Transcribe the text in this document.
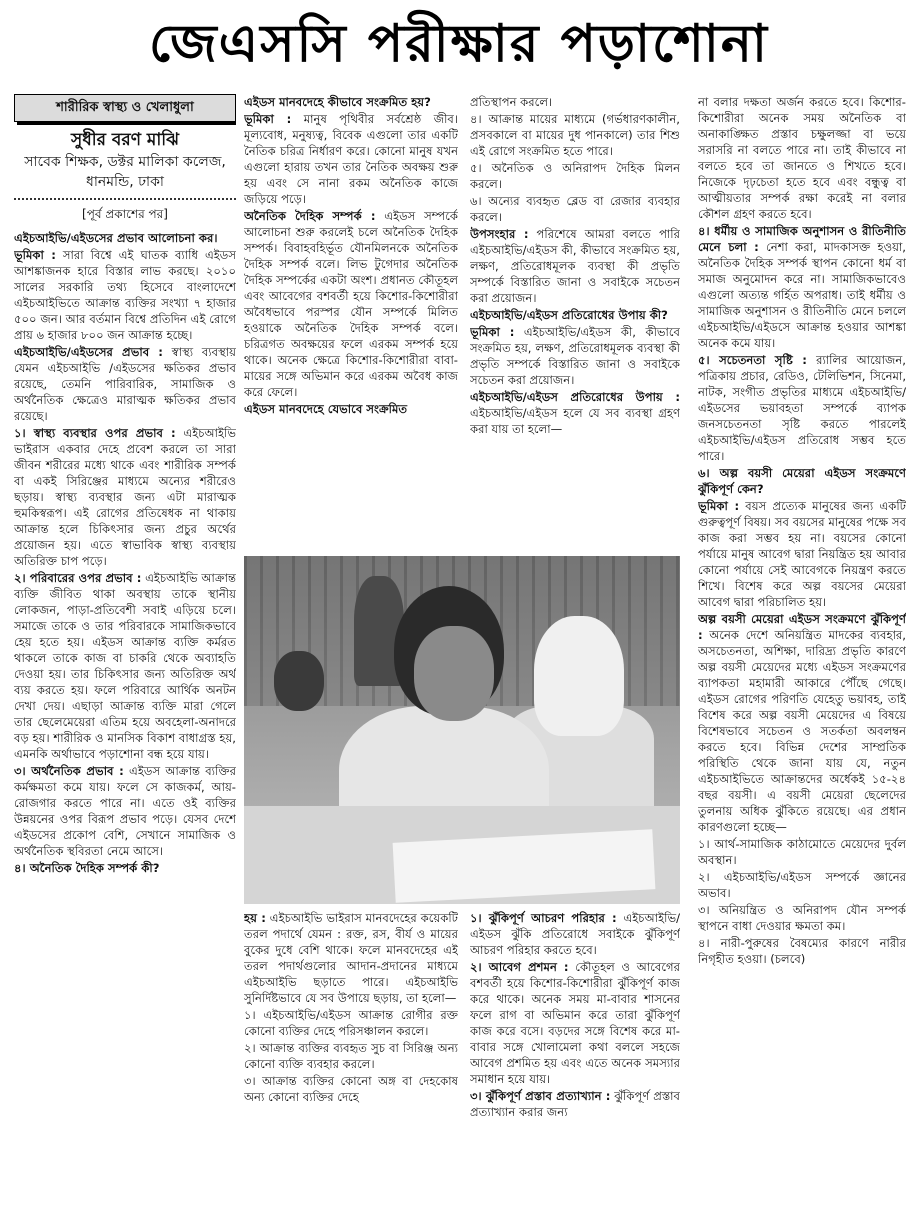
জেএসসি পরীক্ষার পড়াশোনা
শারীরিক স্বাস্থ্য ও খেলাধুলা
সুধীর বরণ মাঝি
সাবেক শিক্ষক, ডক্টর মালিকা কলেজ, ধানমন্ডি, ঢাকা
[পূর্ব প্রকাশের পর]

এইচআইভি/এইডসের প্রভাব আলোচনা কর।

ভূমিকা : সারা বিশ্বে এই ঘাতক ব্যাধি এইডস আশঙ্কাজনক হারে বিস্তার লাভ করছে। ২০১০ সালের সরকারি তথ্য হিসেবে বাংলাদেশে এইচআইভিতে আক্রান্ত ব্যক্তির সংখ্যা ৭ হাজার ৫০০ জন। আর বর্তমান বিশ্বে প্রতিদিন এই রোগে প্রায় ৬ হাজার ৮০০ জন আক্রান্ত হচ্ছে।

এইচআইভি/এইডসের প্রভাব : স্বাস্থ্য ব্যবস্থায় যেমন এইচআইভি /এইডসের ক্ষতিকর প্রভাব রয়েছে, তেমনি পারিবারিক, সামাজিক ও অর্থনৈতিক ক্ষেত্রেও মারাত্মক ক্ষতিকর প্রভাব রয়েছে।

১। স্বাস্থ্য ব্যবস্থার ওপর প্রভাব : এইচআইভি ভাইরাস একবার দেহে প্রবেশ করলে তা সারা জীবন শরীরের মধ্যে থাকে এবং শারীরিক সম্পর্ক বা একই সিরিঞ্জের মাধ্যমে অন্যের শরীরেও ছড়ায়। স্বাস্থ্য ব্যবস্থার জন্য এটা মারাত্মক হুমকিস্বরূপ। এই রোগের প্রতিষেধক না থাকায় আক্রান্ত হলে চিকিৎসার জন্য প্রচুর অর্থের প্রয়োজন হয়। এতে স্বাভাবিক স্বাস্থ্য ব্যবস্থায় অতিরিক্ত চাপ পড়ে।

২। পরিবারের ওপর প্রভাব : এইচআইভি আক্রান্ত ব্যক্তি জীবিত থাকা অবস্থায় তাকে স্থানীয় লোকজন, পাড়া-প্রতিবেশী সবাই এড়িয়ে চলে। সমাজে তাকে ও তার পরিবারকে সামাজিকভাবে হেয় হতে হয়। এইডস আক্রান্ত ব্যক্তি কর্মরত থাকলে তাকে কাজ বা চাকরি থেকে অব্যাহতি দেওয়া হয়। তার চিকিৎসার জন্য অতিরিক্ত অর্থ ব্যয় করতে হয়। ফলে পরিবারে আর্থিক অনটন দেখা দেয়। এছাড়া আক্রান্ত ব্যক্তি মারা গেলে তার ছেলেমেয়েরা এতিম হয়ে অবহেলা-অনাদরে বড় হয়। শারীরিক ও মানসিক বিকাশ বাধাগ্রস্ত হয়, এমনকি অর্থাভাবে পড়াশোনা বন্ধ হয়ে যায়।

৩। অর্থনৈতিক প্রভাব : এইডস আক্রান্ত ব্যক্তির কর্মক্ষমতা কমে যায়। ফলে সে কাজকর্ম, আয়-রোজগার করতে পারে না। এতে ওই ব্যক্তির উন্নয়নের ওপর বিরূপ প্রভাব পড়ে। যেসব দেশে এইডসের প্রকোপ বেশি, সেখানে সামাজিক ও অর্থনৈতিক স্থবিরতা নেমে আসে।

৪। অনৈতিক দৈহিক সম্পর্ক কী?

এইডস মানবদেহে কীভাবে সংক্রমিত হয়?

ভূমিকা : মানুষ পৃথিবীর সর্বশ্রেষ্ঠ জীব। মূল্যবোধ, মনুষ্যত্ব, বিবেক এগুলো তার একটি নৈতিক চরিত্র নির্ধারণ করে। কোনো মানুষ যখন এগুলো হারায় তখন তার নৈতিক অবক্ষয় শুরু হয় এবং সে নানা রকম অনৈতিক কাজে জড়িয়ে পড়ে।

অনৈতিক দৈহিক সম্পর্ক : এইডস সম্পর্কে আলোচনা শুরু করলেই চলে অনৈতিক দৈহিক সম্পর্ক। বিবাহবহির্ভূত যৌনমিলনকে অনৈতিক দৈহিক সম্পর্ক বলে। লিভ টুগেদার অনৈতিক দৈহিক সম্পর্কের একটা অংশ। প্রধানত কৌতূহল এবং আবেগের বশবর্তী হয়ে কিশোর-কিশোরীরা অবৈধভাবে পরস্পর যৌন সম্পর্কে মিলিত হওয়াকে অনৈতিক দৈহিক সম্পর্ক বলে। চরিত্রগত অবক্ষয়ের ফলে এরকম সম্পর্ক হয়ে থাকে। অনেক ক্ষেত্রে কিশোর-কিশোরীরা বাবা-মায়ের সঙ্গে অভিমান করে এরকম অবৈধ কাজ করে ফেলে।

এইডস মানবদেহে যেভাবে সংক্রমিত

প্রতিস্থাপন করলে।

৪। আক্রান্ত মায়ের মাধ্যমে (গর্ভধারণকালীন, প্রসবকালে বা মায়ের দুধ পানকালে) তার শিশু এই রোগে সংক্রমিত হতে পারে।

৫। অনৈতিক ও অনিরাপদ দৈহিক মিলন করলে।

৬। অন্যের ব্যবহৃত ব্লেড বা রেজার ব্যবহার করলে।

উপসংহার : পরিশেষে আমরা বলতে পারি এইচআইভি/এইডস কী, কীভাবে সংক্রমিত হয়, লক্ষণ, প্রতিরোধমূলক ব্যবস্থা কী প্রভৃতি সম্পর্কে বিস্তারিত জানা ও সবাইকে সচেতন করা প্রয়োজন।

এইচআইভি/এইডস প্রতিরোধের উপায় কী?

ভূমিকা : এইচআইভি/এইডস কী, কীভাবে সংক্রমিত হয়, লক্ষণ, প্রতিরোধমূলক ব্যবস্থা কী প্রভৃতি সম্পর্কে বিস্তারিত জানা ও সবাইকে সচেতন করা প্রয়োজন।

এইচআইভি/এইডস প্রতিরোধের উপায় : এইচআইভি/এইডস হলে যে সব ব্যবস্থা গ্রহণ করা যায় তা হলো—

হয় : এইচআইভি ভাইরাস মানবদেহের কয়েকটি তরল পদার্থে যেমন : রক্ত, রস, বীর্য ও মায়ের বুকের দুধে বেশি থাকে। ফলে মানবদেহের এই তরল পদার্থগুলোর আদান-প্রদানের মাধ্যমে এইচআইভি ছড়াতে পারে। এইচআইভি সুনির্দিষ্টভাবে যে সব উপায়ে ছড়ায়, তা হলো—

১। এইচআইভি/এইডস আক্রান্ত রোগীর রক্ত কোনো ব্যক্তির দেহে পরিসঞ্চালন করলে।

২। আক্রান্ত ব্যক্তির ব্যবহৃত সুচ বা সিরিঞ্জ অন্য কোনো ব্যক্তি ব্যবহার করলে।

৩। আক্রান্ত ব্যক্তির কোনো অঙ্গ বা দেহকোষ অন্য কোনো ব্যক্তির দেহে

১। ঝুঁকিপূর্ণ আচরণ পরিহার : এইচআইভি/এইডস ঝুঁকি প্রতিরোধে সবাইকে ঝুঁকিপূর্ণ আচরণ পরিহার করতে হবে।

২। আবেগ প্রশমন : কৌতূহল ও আবেগের বশবর্তী হয়ে কিশোর-কিশোরীরা ঝুঁকিপূর্ণ কাজ করে থাকে। অনেক সময় মা-বাবার শাসনের ফলে রাগ বা অভিমান করে তারা ঝুঁকিপূর্ণ কাজ করে বসে। বড়দের সঙ্গে বিশেষ করে মা-বাবার সঙ্গে খোলামেলা কথা বললে সহজে আবেগ প্রশমিত হয় এবং এতে অনেক সমস্যার সমাধান হয়ে যায়।

৩। ঝুঁকিপূর্ণ প্রস্তাব প্রত্যাখ্যান : ঝুঁকিপূর্ণ প্রস্তাব প্রত্যাখ্যান করার জন্য

না বলার দক্ষতা অর্জন করতে হবে। কিশোর-কিশোরীরা অনেক সময় অনৈতিক বা অনাকাঙ্ক্ষিত প্রস্তাব চক্ষুলজ্জা বা ভয়ে সরাসরি না বলতে পারে না। তাই কীভাবে না বলতে হবে তা জানতে ও শিখতে হবে। নিজেকে দৃঢ়চেতা হতে হবে এবং বন্ধুত্ব বা আত্মীয়তার সম্পর্ক রক্ষা করেই না বলার কৌশল গ্রহণ করতে হবে।

৪। ধর্মীয় ও সামাজিক অনুশাসন ও রীতিনীতি মেনে চলা : নেশা করা, মাদকাসক্ত হওয়া, অনৈতিক দৈহিক সম্পর্ক স্থাপন কোনো ধর্ম বা সমাজ অনুমোদন করে না। সামাজিকভাবেও এগুলো অত্যন্ত গর্হিত অপরাধ। তাই ধর্মীয় ও সামাজিক অনুশাসন ও রীতিনীতি মেনে চললে এইচআইভি/এইডসে আক্রান্ত হওয়ার আশঙ্কা অনেক কমে যায়।

৫। সচেতনতা সৃষ্টি : র‍্যালির আয়োজন, পত্রিকায় প্রচার, রেডিও, টেলিভিশন, সিনেমা, নাটক, সংগীত প্রভৃতির মাধ্যমে এইচআইভি/এইডসের ভয়াবহতা সম্পর্কে ব্যাপক জনসচেতনতা সৃষ্টি করতে পারলেই এইচআইভি/এইডস প্রতিরোধ সম্ভব হতে পারে।

৬। অল্প বয়সী মেয়েরা এইডস সংক্রমণে ঝুঁকিপূর্ণ কেন?

ভূমিকা : বয়স প্রত্যেক মানুষের জন্য একটি গুরুত্বপূর্ণ বিষয়। সব বয়সের মানুষের পক্ষে সব কাজ করা সম্ভব হয় না। বয়সের কোনো পর্যায়ে মানুষ আবেগ দ্বারা নিয়ন্ত্রিত হয় আবার কোনো পর্যায়ে সেই আবেগকে নিয়ন্ত্রণ করতে শিখে। বিশেষ করে অল্প বয়সের মেয়েরা আবেগ দ্বারা পরিচালিত হয়।

অল্প বয়সী মেয়েরা এইডস সংক্রমণে ঝুঁকিপূর্ণ : অনেক দেশে অনিয়ন্ত্রিত মাদকের ব্যবহার, অসচেতনতা, অশিক্ষা, দারিদ্র্য প্রভৃতি কারণে অল্প বয়সী মেয়েদের মধ্যে এইডস সংক্রমণের ব্যাপকতা মহামারী আকারে পৌঁছে গেছে। এইডস রোগের পরিণতি যেহেতু ভয়াবহ, তাই বিশেষ করে অল্প বয়সী মেয়েদের এ বিষয়ে বিশেষভাবে সচেতন ও সতর্কতা অবলম্বন করতে হবে। বিভিন্ন দেশের সাম্প্রতিক পরিস্থিতি থেকে জানা যায় যে, নতুন এইচআইভিতে আক্রান্তদের অর্ধেকই ১৫-২৪ বছর বয়সী। এ বয়সী মেয়েরা ছেলেদের তুলনায় অধিক ঝুঁকিতে রয়েছে। এর প্রধান কারণগুলো হচ্ছে—

১। আর্থ-সামাজিক কাঠামোতে মেয়েদের দুর্বল অবস্থান।

২। এইচআইভি/এইডস সম্পর্কে জ্ঞানের অভাব।

৩। অনিয়ন্ত্রিত ও অনিরাপদ যৌন সম্পর্ক স্থাপনে বাধা দেওয়ার ক্ষমতা কম।

৪। নারী-পুরুষের বৈষম্যের কারণে নারীর নিগৃহীত হওয়া। (চলবে)
